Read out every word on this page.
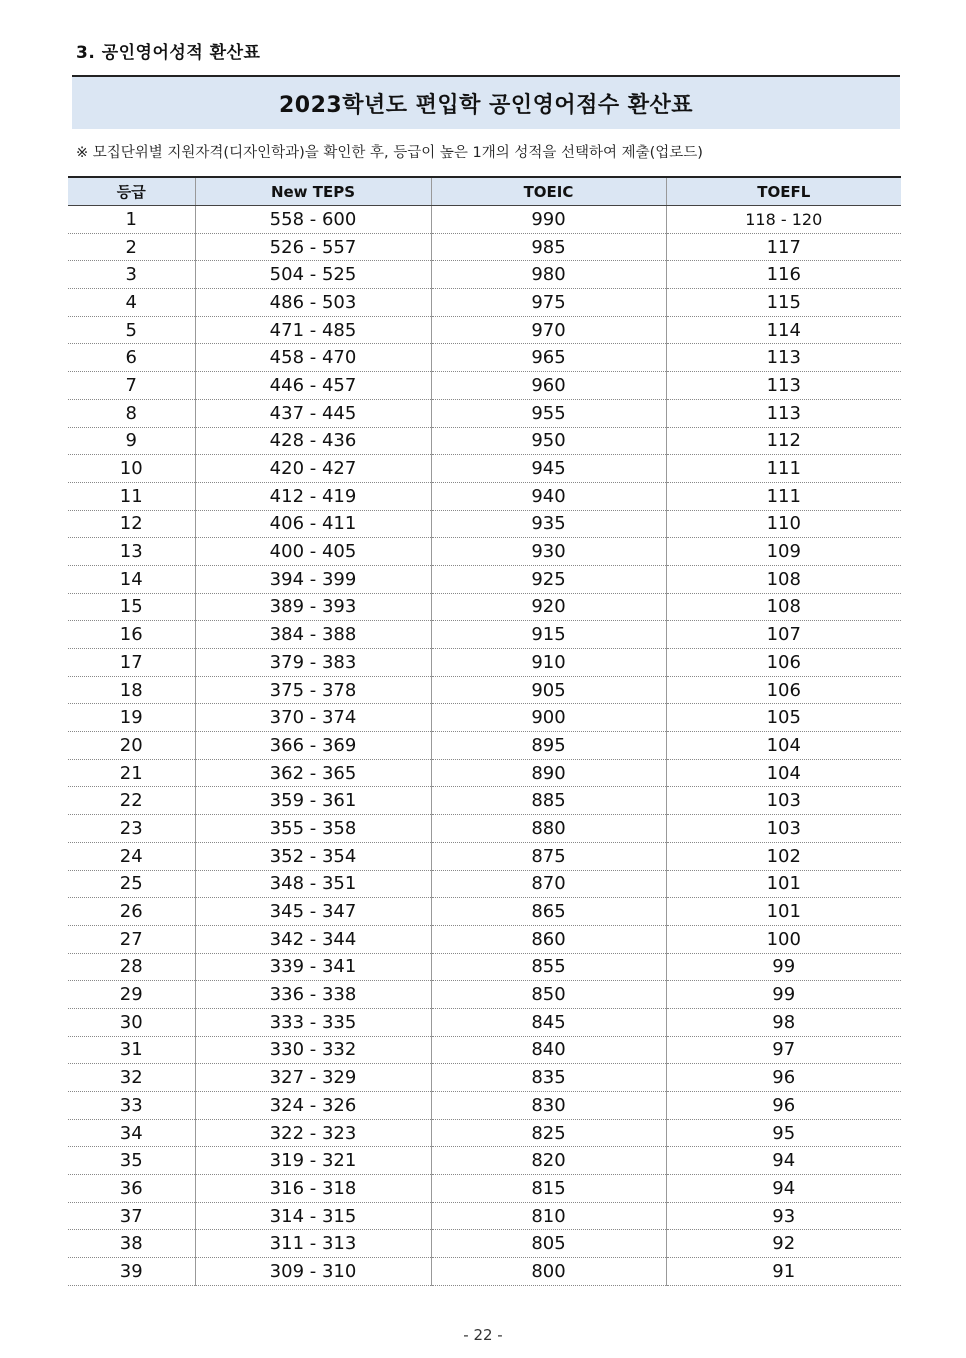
3. 공인영어성적 환산표
2023학년도 편입학 공인영어점수 환산표
※ 모집단위별 지원자격(디자인학과)을 확인한 후, 등급이 높은 1개의 성적을 선택하여 제출(업로드)
등급	New TEPS	TOEIC	TOEFL
1	558 - 600	990	118 - 120
2	526 - 557	985	117
3	504 - 525	980	116
4	486 - 503	975	115
5	471 - 485	970	114
6	458 - 470	965	113
7	446 - 457	960	113
8	437 - 445	955	113
9	428 - 436	950	112
10	420 - 427	945	111
11	412 - 419	940	111
12	406 - 411	935	110
13	400 - 405	930	109
14	394 - 399	925	108
15	389 - 393	920	108
16	384 - 388	915	107
17	379 - 383	910	106
18	375 - 378	905	106
19	370 - 374	900	105
20	366 - 369	895	104
21	362 - 365	890	104
22	359 - 361	885	103
23	355 - 358	880	103
24	352 - 354	875	102
25	348 - 351	870	101
26	345 - 347	865	101
27	342 - 344	860	100
28	339 - 341	855	99
29	336 - 338	850	99
30	333 - 335	845	98
31	330 - 332	840	97
32	327 - 329	835	96
33	324 - 326	830	96
34	322 - 323	825	95
35	319 - 321	820	94
36	316 - 318	815	94
37	314 - 315	810	93
38	311 - 313	805	92
39	309 - 310	800	91
- 22 -
